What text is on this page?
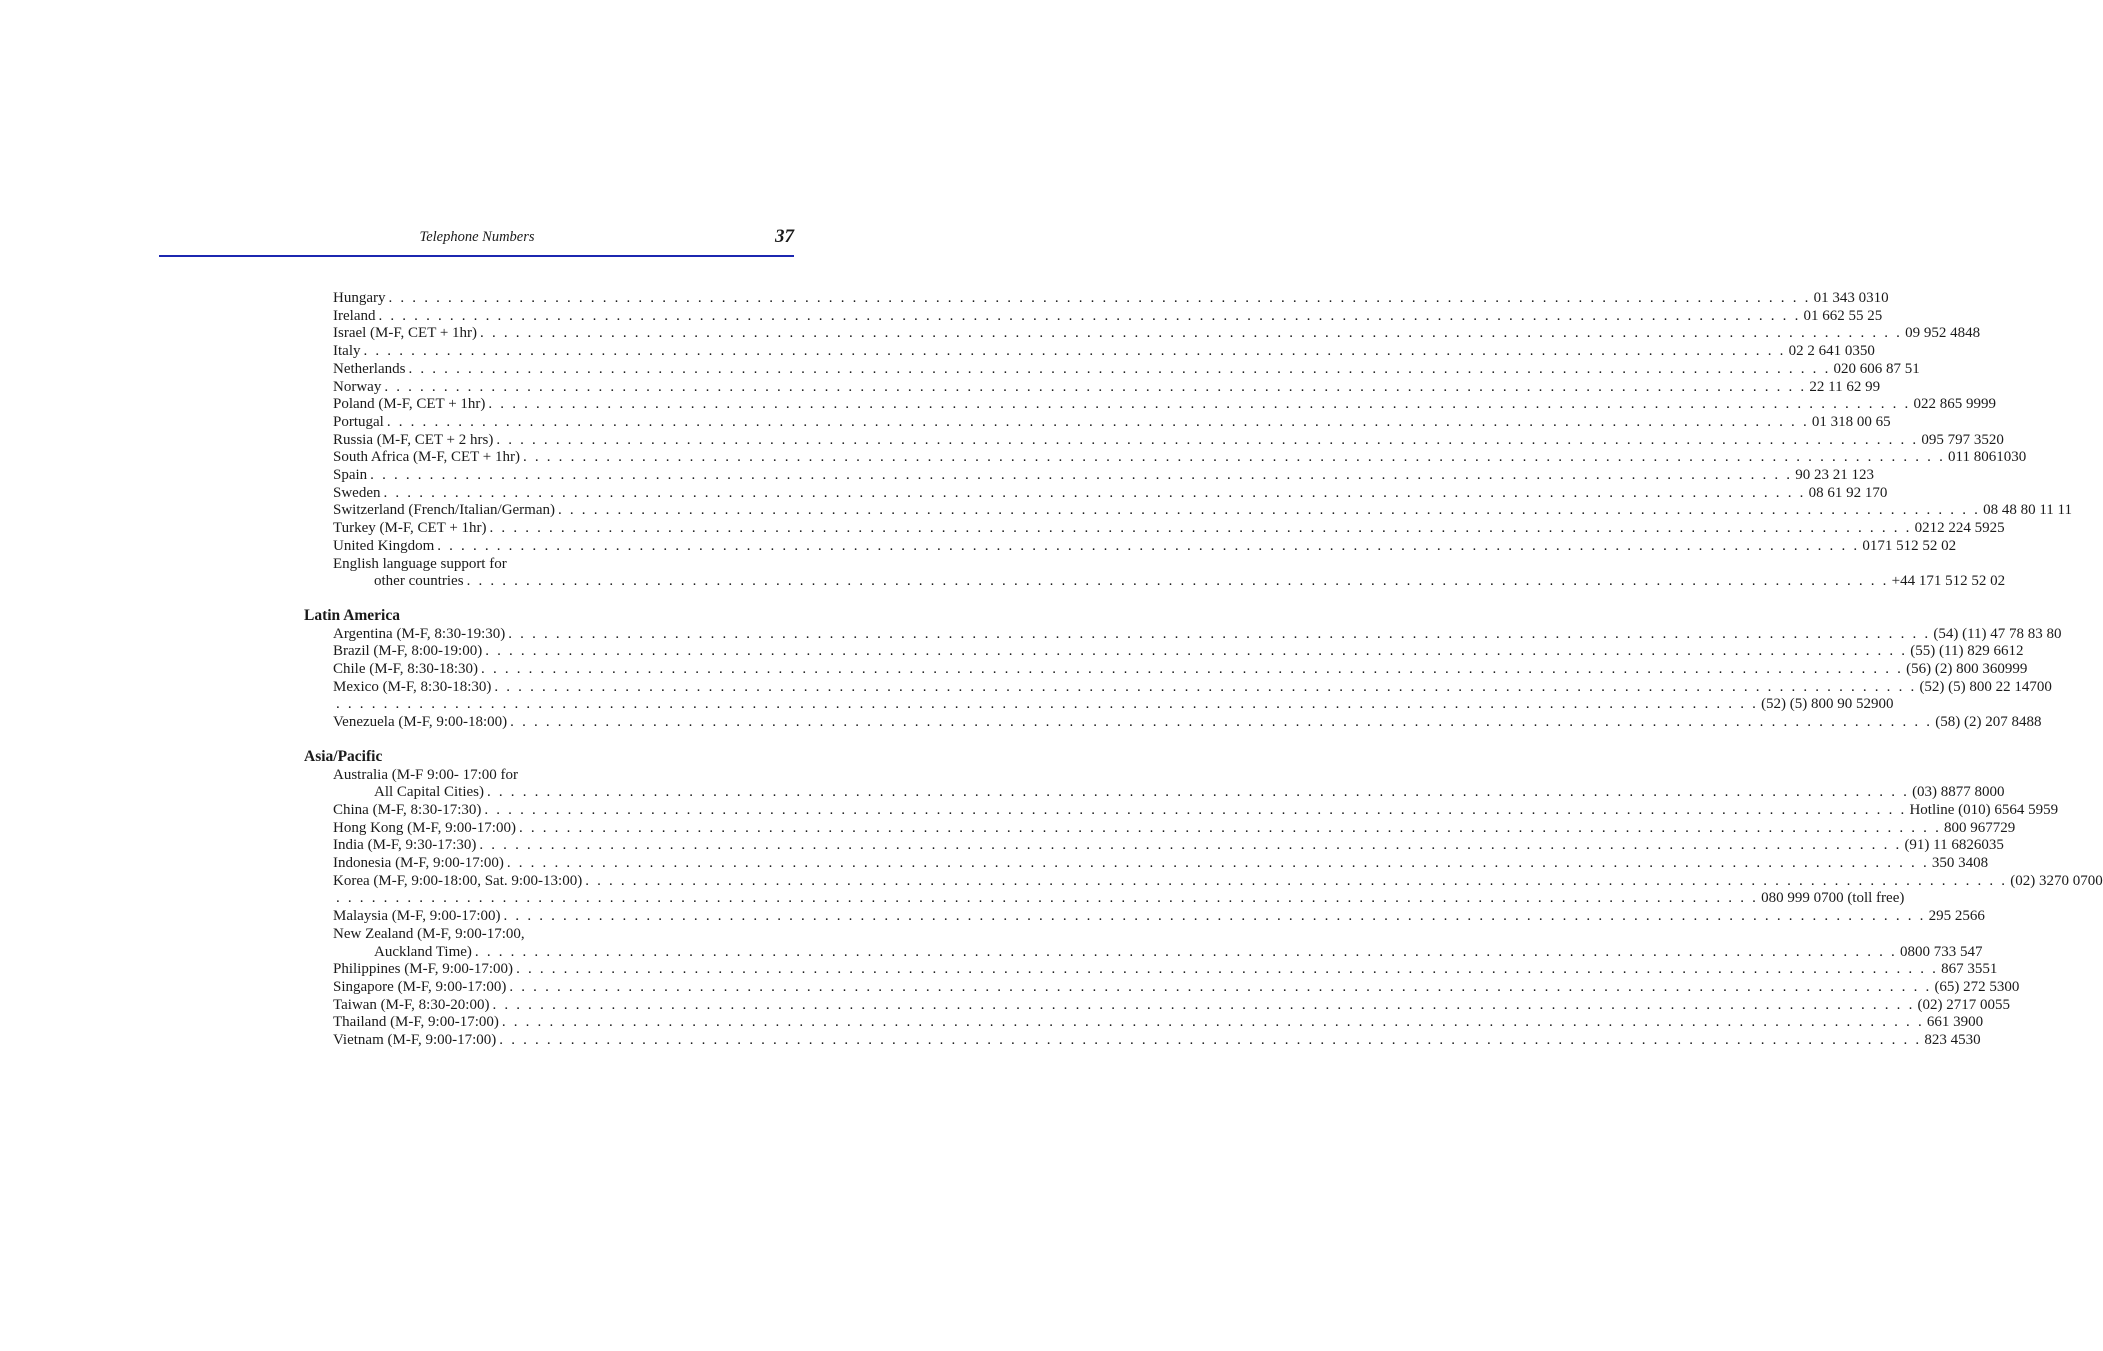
Telephone Numbers	37
Hungary . . . . . . . . . . . . . . . . . . . . . . . . . . . . . . . . . . . . . . . . . . . . . . . . . . . . . . . . . . . . . . . . . . . . . . . . . . . . . . . . . . . . . . . . . . . . . . . . . . . . . . . . . . . . . . . . . . . . . . . . 01 343 0310
Ireland . . . . . . . . . . . . . . . . . . . . . . . . . . . . . . . . . . . . . . . . . . . . . . . . . . . . . . . . . . . . . . . . . . . . . . . . . . . . . . . . . . . . . . . . . . . . . . . . . . . . . . . . . . . . . . . . . . . . . . . . 01 662 55 25
Israel (M-F, CET + 1hr) . . . . . . . . . . . . . . . . . . . . . . . . . . . . . . . . . . . . . . . . . . . . . . . . . . . . . . . . . . . . . . . . . . . . . . . . . . . . . . . . . . . . . . . . . . . . . . . . . . . . . . . . . . . . . . . . . . . . . . . . 09 952 4848
Italy . . . . . . . . . . . . . . . . . . . . . . . . . . . . . . . . . . . . . . . . . . . . . . . . . . . . . . . . . . . . . . . . . . . . . . . . . . . . . . . . . . . . . . . . . . . . . . . . . . . . . . . . . . . . . . . . . . . . . . . . 02 2 641 0350
Netherlands . . . . . . . . . . . . . . . . . . . . . . . . . . . . . . . . . . . . . . . . . . . . . . . . . . . . . . . . . . . . . . . . . . . . . . . . . . . . . . . . . . . . . . . . . . . . . . . . . . . . . . . . . . . . . . . . . . . . . . . . 020 606 87 51
Norway . . . . . . . . . . . . . . . . . . . . . . . . . . . . . . . . . . . . . . . . . . . . . . . . . . . . . . . . . . . . . . . . . . . . . . . . . . . . . . . . . . . . . . . . . . . . . . . . . . . . . . . . . . . . . . . . . . . . . . . . 22 11 62 99
Poland (M-F, CET + 1hr) . . . . . . . . . . . . . . . . . . . . . . . . . . . . . . . . . . . . . . . . . . . . . . . . . . . . . . . . . . . . . . . . . . . . . . . . . . . . . . . . . . . . . . . . . . . . . . . . . . . . . . . . . . . . . . . . . . . . . . . . 022 865 9999
Portugal . . . . . . . . . . . . . . . . . . . . . . . . . . . . . . . . . . . . . . . . . . . . . . . . . . . . . . . . . . . . . . . . . . . . . . . . . . . . . . . . . . . . . . . . . . . . . . . . . . . . . . . . . . . . . . . . . . . . . . . . 01 318 00 65
Russia (M-F, CET + 2 hrs) . . . . . . . . . . . . . . . . . . . . . . . . . . . . . . . . . . . . . . . . . . . . . . . . . . . . . . . . . . . . . . . . . . . . . . . . . . . . . . . . . . . . . . . . . . . . . . . . . . . . . . . . . . . . . . . . . . . . . . . . 095 797 3520
South Africa (M-F, CET + 1hr) . . . . . . . . . . . . . . . . . . . . . . . . . . . . . . . . . . . . . . . . . . . . . . . . . . . . . . . . . . . . . . . . . . . . . . . . . . . . . . . . . . . . . . . . . . . . . . . . . . . . . . . . . . . . . . . . . . . . . . . . 011 8061030
Spain . . . . . . . . . . . . . . . . . . . . . . . . . . . . . . . . . . . . . . . . . . . . . . . . . . . . . . . . . . . . . . . . . . . . . . . . . . . . . . . . . . . . . . . . . . . . . . . . . . . . . . . . . . . . . . . . . . . . . . . . 90 23 21 123
Sweden . . . . . . . . . . . . . . . . . . . . . . . . . . . . . . . . . . . . . . . . . . . . . . . . . . . . . . . . . . . . . . . . . . . . . . . . . . . . . . . . . . . . . . . . . . . . . . . . . . . . . . . . . . . . . . . . . . . . . . . . 08 61 92 170
Switzerland (French/Italian/German) . . . . . . . . . . . . . . . . . . . . . . . . . . . . . . . . . . . . . . . . . . . . . . . . . . . . . . . . . . . . . . . . . . . . . . . . . . . . . . . . . . . . . . . . . . . . . . . . . . . . . . . . . . . . . . . . . . . . . . . . 08 48 80 11 11
Turkey (M-F, CET + 1hr) . . . . . . . . . . . . . . . . . . . . . . . . . . . . . . . . . . . . . . . . . . . . . . . . . . . . . . . . . . . . . . . . . . . . . . . . . . . . . . . . . . . . . . . . . . . . . . . . . . . . . . . . . . . . . . . . . . . . . . . . 0212 224 5925
United Kingdom . . . . . . . . . . . . . . . . . . . . . . . . . . . . . . . . . . . . . . . . . . . . . . . . . . . . . . . . . . . . . . . . . . . . . . . . . . . . . . . . . . . . . . . . . . . . . . . . . . . . . . . . . . . . . . . . . . . . . . . . 0171 512 52 02
English language support for
other countries . . . . . . . . . . . . . . . . . . . . . . . . . . . . . . . . . . . . . . . . . . . . . . . . . . . . . . . . . . . . . . . . . . . . . . . . . . . . . . . . . . . . . . . . . . . . . . . . . . . . . . . . . . . . . . . . . . . . . . . . +44 171 512 52 02
Latin America
Argentina (M-F, 8:30-19:30) . . . . . . . . . . . . . . . . . . . . . . . . . . . . . . . . . . . . . . . . . . . . . . . . . . . . . . . . . . . . . . . . . . . . . . . . . . . . . . . . . . . . . . . . . . . . . . . . . . . . . . . . . . . . . . . . . . . . . . . . (54) (11) 47 78 83 80
Brazil (M-F, 8:00-19:00) . . . . . . . . . . . . . . . . . . . . . . . . . . . . . . . . . . . . . . . . . . . . . . . . . . . . . . . . . . . . . . . . . . . . . . . . . . . . . . . . . . . . . . . . . . . . . . . . . . . . . . . . . . . . . . . . . . . . . . . . (55) (11) 829 6612
Chile (M-F, 8:30-18:30) . . . . . . . . . . . . . . . . . . . . . . . . . . . . . . . . . . . . . . . . . . . . . . . . . . . . . . . . . . . . . . . . . . . . . . . . . . . . . . . . . . . . . . . . . . . . . . . . . . . . . . . . . . . . . . . . . . . . . . . . (56) (2) 800 360999
Mexico (M-F, 8:30-18:30) . . . . . . . . . . . . . . . . . . . . . . . . . . . . . . . . . . . . . . . . . . . . . . . . . . . . . . . . . . . . . . . . . . . . . . . . . . . . . . . . . . . . . . . . . . . . . . . . . . . . . . . . . . . . . . . . . . . . . . . . (52) (5) 800 22 14700
. . . . . . . . . . . . . . . . . . . . . . . . . . . . . . . . . . . . . . . . . . . . . . . . . . . . . . . . . . . . . . . . . . . . . . . . . . . . . . . . . . . . . . . . . . . . . . . . . . . . . . . . . . . . . . . . . . . . . . . . (52) (5) 800 90 52900
Venezuela (M-F, 9:00-18:00) . . . . . . . . . . . . . . . . . . . . . . . . . . . . . . . . . . . . . . . . . . . . . . . . . . . . . . . . . . . . . . . . . . . . . . . . . . . . . . . . . . . . . . . . . . . . . . . . . . . . . . . . . . . . . . . . . . . . . . . . (58) (2) 207 8488
Asia/Pacific
Australia (M-F 9:00- 17:00 for
All Capital Cities) . . . . . . . . . . . . . . . . . . . . . . . . . . . . . . . . . . . . . . . . . . . . . . . . . . . . . . . . . . . . . . . . . . . . . . . . . . . . . . . . . . . . . . . . . . . . . . . . . . . . . . . . . . . . . . . . . . . . . . . . (03) 8877 8000
China (M-F, 8:30-17:30) . . . . . . . . . . . . . . . . . . . . . . . . . . . . . . . . . . . . . . . . . . . . . . . . . . . . . . . . . . . . . . . . . . . . . . . . . . . . . . . . . . . . . . . . . . . . . . . . . . . . . . . . . . . . . . . . . . . . . . . . Hotline (010) 6564 5959
Hong Kong (M-F, 9:00-17:00) . . . . . . . . . . . . . . . . . . . . . . . . . . . . . . . . . . . . . . . . . . . . . . . . . . . . . . . . . . . . . . . . . . . . . . . . . . . . . . . . . . . . . . . . . . . . . . . . . . . . . . . . . . . . . . . . . . . . . . . . 800 967729
India (M-F, 9:30-17:30) . . . . . . . . . . . . . . . . . . . . . . . . . . . . . . . . . . . . . . . . . . . . . . . . . . . . . . . . . . . . . . . . . . . . . . . . . . . . . . . . . . . . . . . . . . . . . . . . . . . . . . . . . . . . . . . . . . . . . . . . (91) 11 6826035
Indonesia (M-F, 9:00-17:00) . . . . . . . . . . . . . . . . . . . . . . . . . . . . . . . . . . . . . . . . . . . . . . . . . . . . . . . . . . . . . . . . . . . . . . . . . . . . . . . . . . . . . . . . . . . . . . . . . . . . . . . . . . . . . . . . . . . . . . . . 350 3408
Korea (M-F, 9:00-18:00, Sat. 9:00-13:00) . . . . . . . . . . . . . . . . . . . . . . . . . . . . . . . . . . . . . . . . . . . . . . . . . . . . . . . . . . . . . . . . . . . . . . . . . . . . . . . . . . . . . . . . . . . . . . . . . . . . . . . . . . . . . . . . . . . . . . . . (02) 3270 0700
. . . . . . . . . . . . . . . . . . . . . . . . . . . . . . . . . . . . . . . . . . . . . . . . . . . . . . . . . . . . . . . . . . . . . . . . . . . . . . . . . . . . . . . . . . . . . . . . . . . . . . . . . . . . . . . . . . . . . . . . 080 999 0700 (toll free)
Malaysia (M-F, 9:00-17:00) . . . . . . . . . . . . . . . . . . . . . . . . . . . . . . . . . . . . . . . . . . . . . . . . . . . . . . . . . . . . . . . . . . . . . . . . . . . . . . . . . . . . . . . . . . . . . . . . . . . . . . . . . . . . . . . . . . . . . . . . 295 2566
New Zealand (M-F, 9:00-17:00,
Auckland Time) . . . . . . . . . . . . . . . . . . . . . . . . . . . . . . . . . . . . . . . . . . . . . . . . . . . . . . . . . . . . . . . . . . . . . . . . . . . . . . . . . . . . . . . . . . . . . . . . . . . . . . . . . . . . . . . . . . . . . . . . 0800 733 547
Philippines (M-F, 9:00-17:00) . . . . . . . . . . . . . . . . . . . . . . . . . . . . . . . . . . . . . . . . . . . . . . . . . . . . . . . . . . . . . . . . . . . . . . . . . . . . . . . . . . . . . . . . . . . . . . . . . . . . . . . . . . . . . . . . . . . . . . . . 867 3551
Singapore (M-F, 9:00-17:00) . . . . . . . . . . . . . . . . . . . . . . . . . . . . . . . . . . . . . . . . . . . . . . . . . . . . . . . . . . . . . . . . . . . . . . . . . . . . . . . . . . . . . . . . . . . . . . . . . . . . . . . . . . . . . . . . . . . . . . . . (65) 272 5300
Taiwan (M-F, 8:30-20:00) . . . . . . . . . . . . . . . . . . . . . . . . . . . . . . . . . . . . . . . . . . . . . . . . . . . . . . . . . . . . . . . . . . . . . . . . . . . . . . . . . . . . . . . . . . . . . . . . . . . . . . . . . . . . . . . . . . . . . . . . (02) 2717 0055
Thailand (M-F, 9:00-17:00) . . . . . . . . . . . . . . . . . . . . . . . . . . . . . . . . . . . . . . . . . . . . . . . . . . . . . . . . . . . . . . . . . . . . . . . . . . . . . . . . . . . . . . . . . . . . . . . . . . . . . . . . . . . . . . . . . . . . . . . . 661 3900
Vietnam (M-F, 9:00-17:00) . . . . . . . . . . . . . . . . . . . . . . . . . . . . . . . . . . . . . . . . . . . . . . . . . . . . . . . . . . . . . . . . . . . . . . . . . . . . . . . . . . . . . . . . . . . . . . . . . . . . . . . . . . . . . . . . . . . . . . . . 823 4530
